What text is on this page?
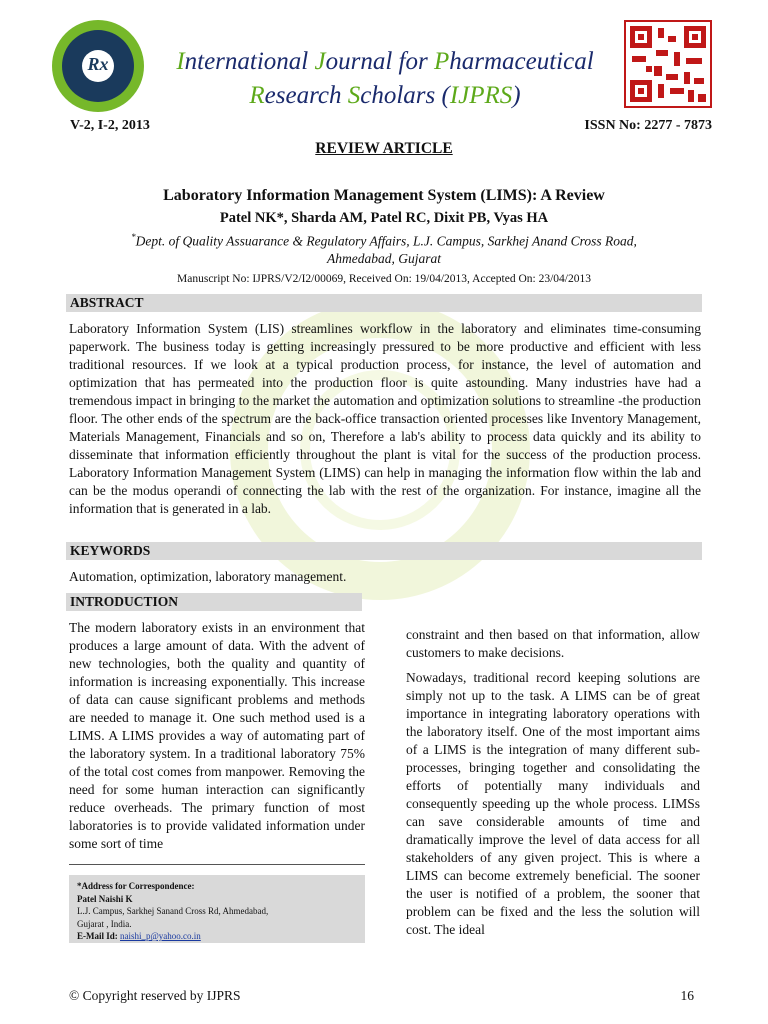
Rx	International Journal for Pharmaceutical
Research Scholars (IJPRS)
V-2, I-2, 2013	ISSN No: 2277 - 7873
REVIEW ARTICLE
Laboratory Information Management System (LIMS): A Review
Patel NK*, Sharda AM, Patel RC, Dixit PB, Vyas HA
*Dept. of Quality Assuarance & Regulatory Affairs, L.J. Campus, Sarkhej Anand Cross Road,
Ahmedabad, Gujarat
Manuscript No: IJPRS/V2/I2/00069, Received On: 19/04/2013, Accepted On: 23/04/2013
ABSTRACT
Laboratory Information System (LIS) streamlines workflow in the laboratory and eliminates time-consuming paperwork. The business today is getting increasingly pressured to be more productive and efficient with less traditional resources. If we look at a typical production process, for instance, the level of automation and optimization that has permeated into the production floor is quite astounding. Many industries have had a tremendous impact in bringing to the market the automation and optimization solutions to streamline -the production floor. The other ends of the spectrum are the back-office transaction oriented processes like Inventory Management, Materials Management, Financials and so on, Therefore a lab's ability to process data quickly and its ability to disseminate that information efficiently throughout the plant is vital for the success of the production process. Laboratory Information Management System (LIMS) can help in managing the information flow within the lab and can be the modus operandi of connecting the lab with the rest of the organization. For instance, imagine all the information that is generated in a lab.
KEYWORDS
Automation, optimization, laboratory management.
INTRODUCTION
The modern laboratory exists in an environment that produces a large amount of data. With the advent of new technologies, both the quality and quantity of information is increasing exponentially. This increase of data can cause significant problems and methods are needed to manage it. One such method used is a LIMS. A LIMS provides a way of automating part of the laboratory system. In a traditional laboratory 75% of the total cost comes from manpower. Removing the need for some human interaction can significantly reduce overheads. The primary function of most laboratories is to provide validated information under some sort of time
constraint and then based on that information, allow customers to make decisions.
Nowadays, traditional record keeping solutions are simply not up to the task. A LIMS can be of great importance in integrating laboratory operations with the laboratory itself. One of the most important aims of a LIMS is the integration of many different sub-processes, bringing together and consolidating the efforts of potentially many individuals and consequently speeding up the whole process. LIMSs can save considerable amounts of time and dramatically improve the level of data access for all stakeholders of any given project. This is where a LIMS can become extremely beneficial. The sooner the user is notified of a problem, the sooner that problem can be fixed and the less the solution will cost. The ideal
*Address for Correspondence:
Patel Naishi K
L.J. Campus, Sarkhej Sanand Cross Rd, Ahmedabad,
Gujarat , India.
E-Mail Id: naishi_p@yahoo.co.in
© Copyright reserved by IJPRS	16
